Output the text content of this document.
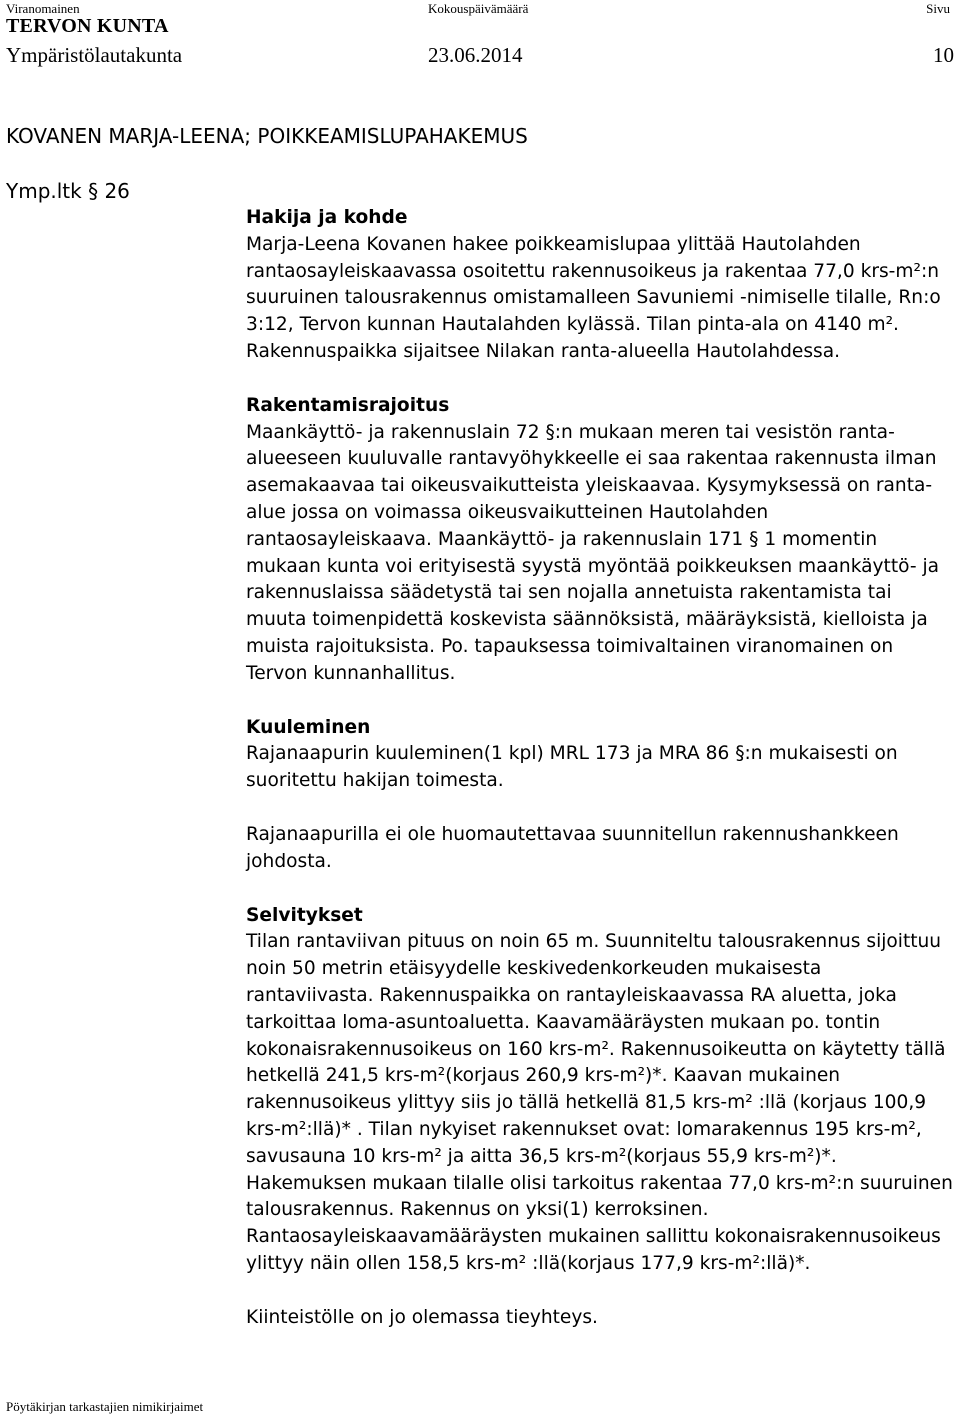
Viranomainen	Kokouspäivämäärä	Sivu
TERVON KUNTA
Ympäristölautakunta	23.06.2014	10
KOVANEN MARJA-LEENA; POIKKEAMISLUPAHAKEMUS
Ymp.ltk § 26
Hakija ja kohde

Marja-Leena Kovanen hakee poikkeamislupaa ylittää Hautolahden rantaosayleiskaavassa osoitettu rakennusoikeus ja rakentaa 77,0 krs-m²:n suuruinen talousrakennus omistamalleen Savuniemi -nimiselle tilalle, Rn:o 3:12, Tervon kunnan Hautalahden kylässä. Tilan pinta-ala on 4140 m². Rakennuspaikka sijaitsee Nilakan ranta-alueella Hautolahdessa.

Rakentamisrajoitus

Maankäyttö- ja rakennuslain 72 §:n mukaan meren tai vesistön ranta-alueeseen kuuluvalle rantavyöhykkeelle ei saa rakentaa rakennusta ilman asemakaavaa tai oikeusvaikutteista yleiskaavaa. Kysymyksessä on ranta-alue jossa on voimassa oikeusvaikutteinen Hautolahden rantaosayleiskaava. Maankäyttö- ja rakennuslain 171 § 1 momentin mukaan kunta voi erityisestä syystä myöntää poikkeuksen maankäyttö- ja rakennuslaissa säädetystä tai sen nojalla annetuista rakentamista tai muuta toimenpidettä koskevista säännöksistä, määräyksistä, kielloista ja muista rajoituksista. Po. tapauksessa toimivaltainen viranomainen on Tervon kunnanhallitus.

Kuuleminen

Rajanaapurin kuuleminen(1 kpl) MRL 173 ja MRA 86 §:n mukaisesti on suoritettu hakijan toimesta.

Rajanaapurilla ei ole huomautettavaa suunnitellun rakennushankkeen johdosta.

Selvitykset

Tilan rantaviivan pituus on noin 65 m. Suunniteltu talousrakennus sijoittuu noin 50 metrin etäisyydelle keskivedenkorkeuden mukaisesta rantaviivasta. Rakennuspaikka on rantayleiskaavassa RA aluetta, joka tarkoittaa loma-asuntoaluetta. Kaavamääräysten mukaan po. tontin kokonaisrakennusoikeus on 160 krs-m². Rakennusoikeutta on käytetty tällä hetkellä 241,5 krs-m²(korjaus 260,9 krs-m²)*. Kaavan mukainen rakennusoikeus ylittyy siis jo tällä hetkellä 81,5 krs-m² :llä (korjaus 100,9 krs-m²:llä)* . Tilan nykyiset rakennukset ovat: lomarakennus 195 krs-m², savusauna 10 krs-m² ja aitta 36,5 krs-m²(korjaus 55,9 krs-m²)*. Hakemuksen mukaan tilalle olisi tarkoitus rakentaa 77,0 krs-m²:n suuruinen talousrakennus. Rakennus on yksi(1) kerroksinen. Rantaosayleiskaavamääräysten mukainen sallittu kokonaisrakennusoikeus ylittyy näin ollen 158,5 krs-m² :llä(korjaus 177,9 krs-m²:llä)*.

Kiinteistölle on jo olemassa tieyhteys.

Pöytäkirjan tarkastajien nimikirjaimet
